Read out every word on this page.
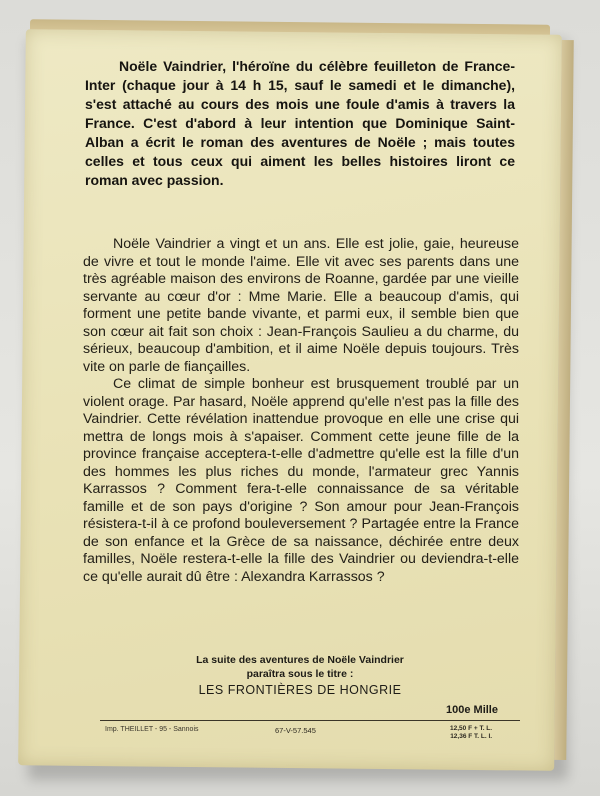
Noële Vaindrier, l'héroïne du célèbre feuilleton de France-Inter (chaque jour à 14 h 15, sauf le samedi et le dimanche), s'est attaché au cours des mois une foule d'amis à travers la France. C'est d'abord à leur intention que Dominique Saint-Alban a écrit le roman des aventures de Noële ; mais toutes celles et tous ceux qui aiment les belles histoires liront ce roman avec passion.

Noële Vaindrier a vingt et un ans. Elle est jolie, gaie, heureuse de vivre et tout le monde l'aime. Elle vit avec ses parents dans une très agréable maison des environs de Roanne, gardée par une vieille servante au cœur d'or : Mme Marie. Elle a beaucoup d'amis, qui forment une petite bande vivante, et parmi eux, il semble bien que son cœur ait fait son choix : Jean-François Saulieu a du charme, du sérieux, beaucoup d'ambition, et il aime Noële depuis toujours. Très vite on parle de fiançailles.

Ce climat de simple bonheur est brusquement troublé par un violent orage. Par hasard, Noële apprend qu'elle n'est pas la fille des Vaindrier. Cette révélation inattendue provoque en elle une crise qui mettra de longs mois à s'apaiser. Comment cette jeune fille de la province française acceptera-t-elle d'admettre qu'elle est la fille d'un des hommes les plus riches du monde, l'armateur grec Yannis Karrassos ? Comment fera-t-elle connaissance de sa véritable famille et de son pays d'origine ? Son amour pour Jean-François résistera-t-il à ce profond bouleversement ? Partagée entre la France de son enfance et la Grèce de sa naissance, déchirée entre deux familles, Noële restera-t-elle la fille des Vaindrier ou deviendra-t-elle ce qu'elle aurait dû être : Alexandra Karrassos ?

La suite des aventures de Noële Vaindrier
paraîtra sous le titre :
LES FRONTIÈRES DE HONGRIE
100e Mille
Imp. THEILLET - 95 - Sannois	67-V-57.545	12,50 F + T. L.
12,36 F T. L. I.
